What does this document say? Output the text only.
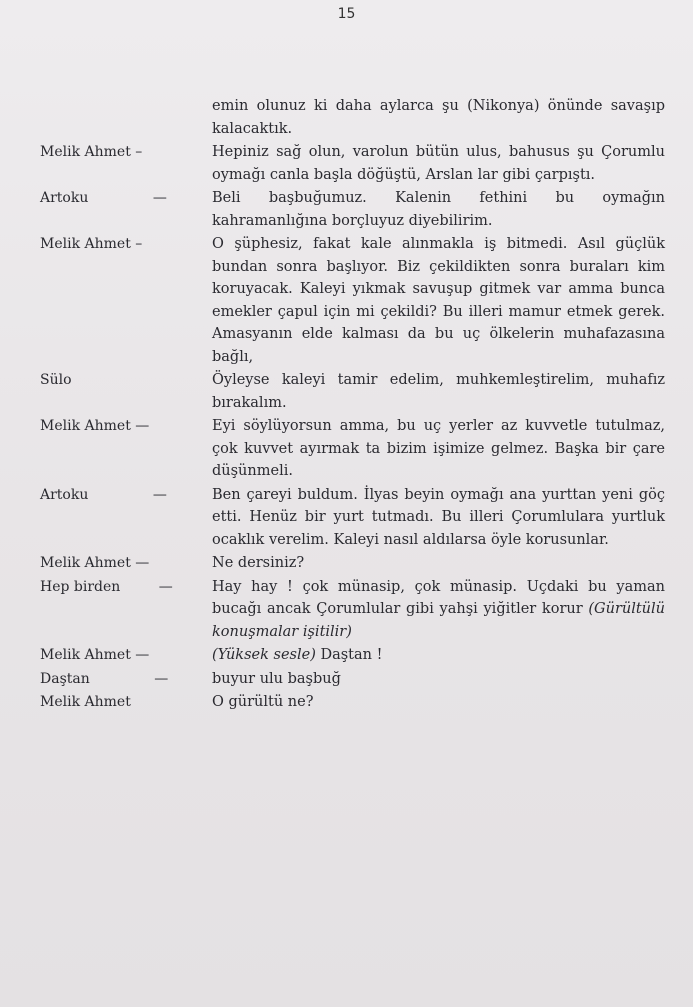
15
emin olunuz ki daha aylarca şu (Nikonya) önünde savaşıp kalacaktık.
Melik Ahmet –	Hepiniz sağ olun, varolun bütün ulus, bahusus şu Çorumlu oymağı canla başla döğüştü, Arslan lar gibi çarpıştı.
Artoku	—	Beli başbuğumuz. Kalenin fethini bu oymağın kahramanlığına borçluyuz diyebilirim.
Melik Ahmet –	O şüphesiz, fakat kale alınmakla iş bitmedi. Asıl güçlük bundan sonra başlıyor. Biz çekildikten sonra buraları kim koruyacak. Kaleyi yıkmak savuşup gitmek var amma bunca emekler çapul için mi çekildi? Bu illeri mamur etmek gerek. Amasyanın elde kalması da bu uç ölkelerin muhafazasına bağlı,
Sülo	Öyleyse kaleyi tamir edelim, muhkemleştirelim, muhafız bırakalım.
Melik Ahmet —	Eyi söylüyorsun amma, bu uç yerler az kuvvetle tutulmaz, çok kuvvet ayırmak ta bizim işimize gelmez. Başka bir çare düşünmeli.
Artoku	—	Ben çareyi buldum. İlyas beyin oymağı ana yurttan yeni göç etti. Henüz bir yurt tutmadı. Bu illeri Çorumlulara yurtluk ocaklık verelim. Kaleyi nasıl aldılarsa öyle korusunlar.
Melik Ahmet —	Ne dersiniz?
Hep birden	—	Hay hay ! çok münasip, çok münasip. Uçdaki bu yaman bucağı ancak Çorumlular gibi yahşi yiğitler korur (Gürültülü konuşmalar işitilir)
Melik Ahmet —	(Yüksek sesle) Daştan !
Daştan	—	buyur ulu başbuğ
Melik Ahmet	O gürültü ne?
